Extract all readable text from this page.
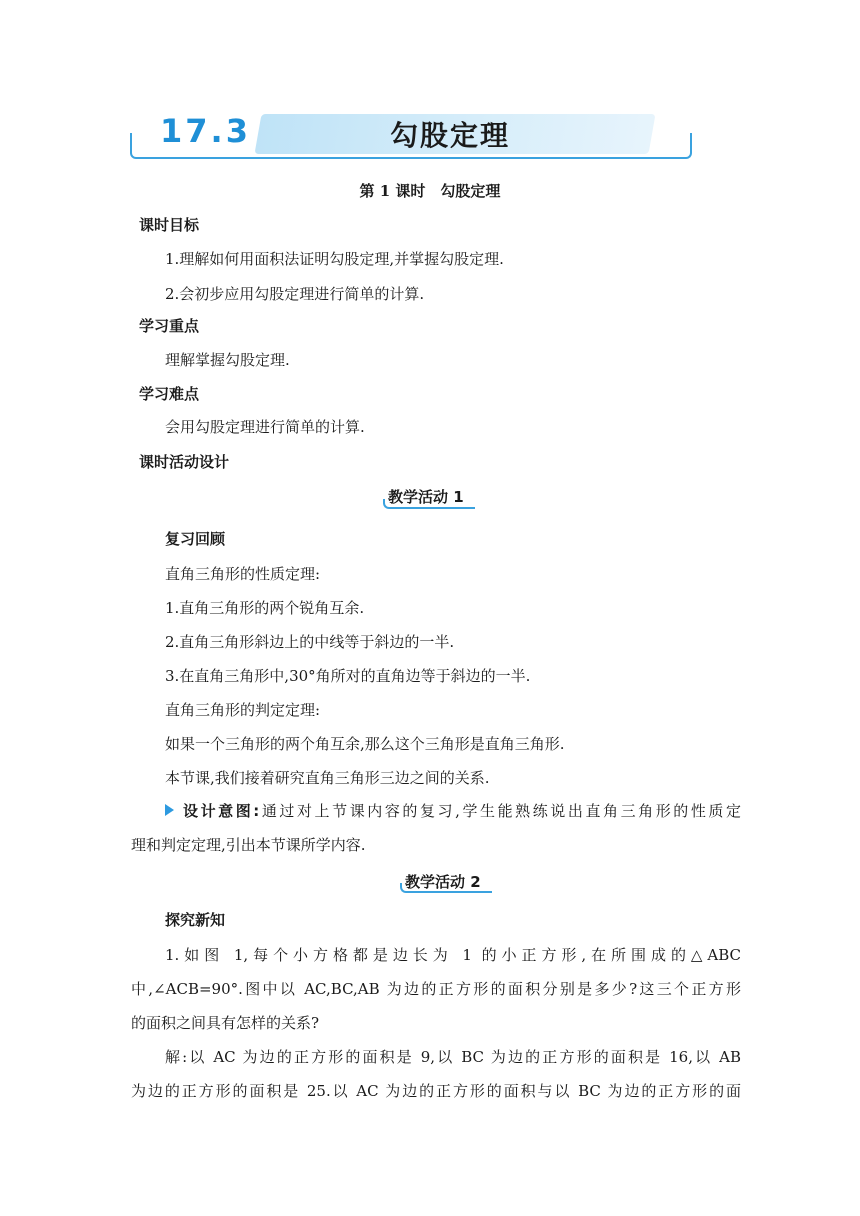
17.3	勾股定理
第 1 课时　勾股定理
课时目标
1.理解如何用面积法证明勾股定理,并掌握勾股定理.
2.会初步应用勾股定理进行简单的计算.
学习重点
理解掌握勾股定理.
学习难点
会用勾股定理进行简单的计算.
课时活动设计
教学活动 1
复习回顾
直角三角形的性质定理:
1.直角三角形的两个锐角互余.
2.直角三角形斜边上的中线等于斜边的一半.
3.在直角三角形中,30°角所对的直角边等于斜边的一半.
直角三角形的判定定理:
如果一个三角形的两个角互余,那么这个三角形是直角三角形.
本节课,我们接着研究直角三角形三边之间的关系.
设计意图:通过对上节课内容的复习,学生能熟练说出直角三角形的性质定
理和判定定理,引出本节课所学内容.
教学活动 2
探究新知
1.如图 1,每个小方格都是边长为 1 的小正方形,在所围成的△ABC
中,∠ACB=90°.图中以 AC,BC,AB 为边的正方形的面积分别是多少?这三个正方形
的面积之间具有怎样的关系?
解:以 AC 为边的正方形的面积是 9,以 BC 为边的正方形的面积是 16,以 AB
为边的正方形的面积是 25.以 AC 为边的正方形的面积与以 BC 为边的正方形的面
